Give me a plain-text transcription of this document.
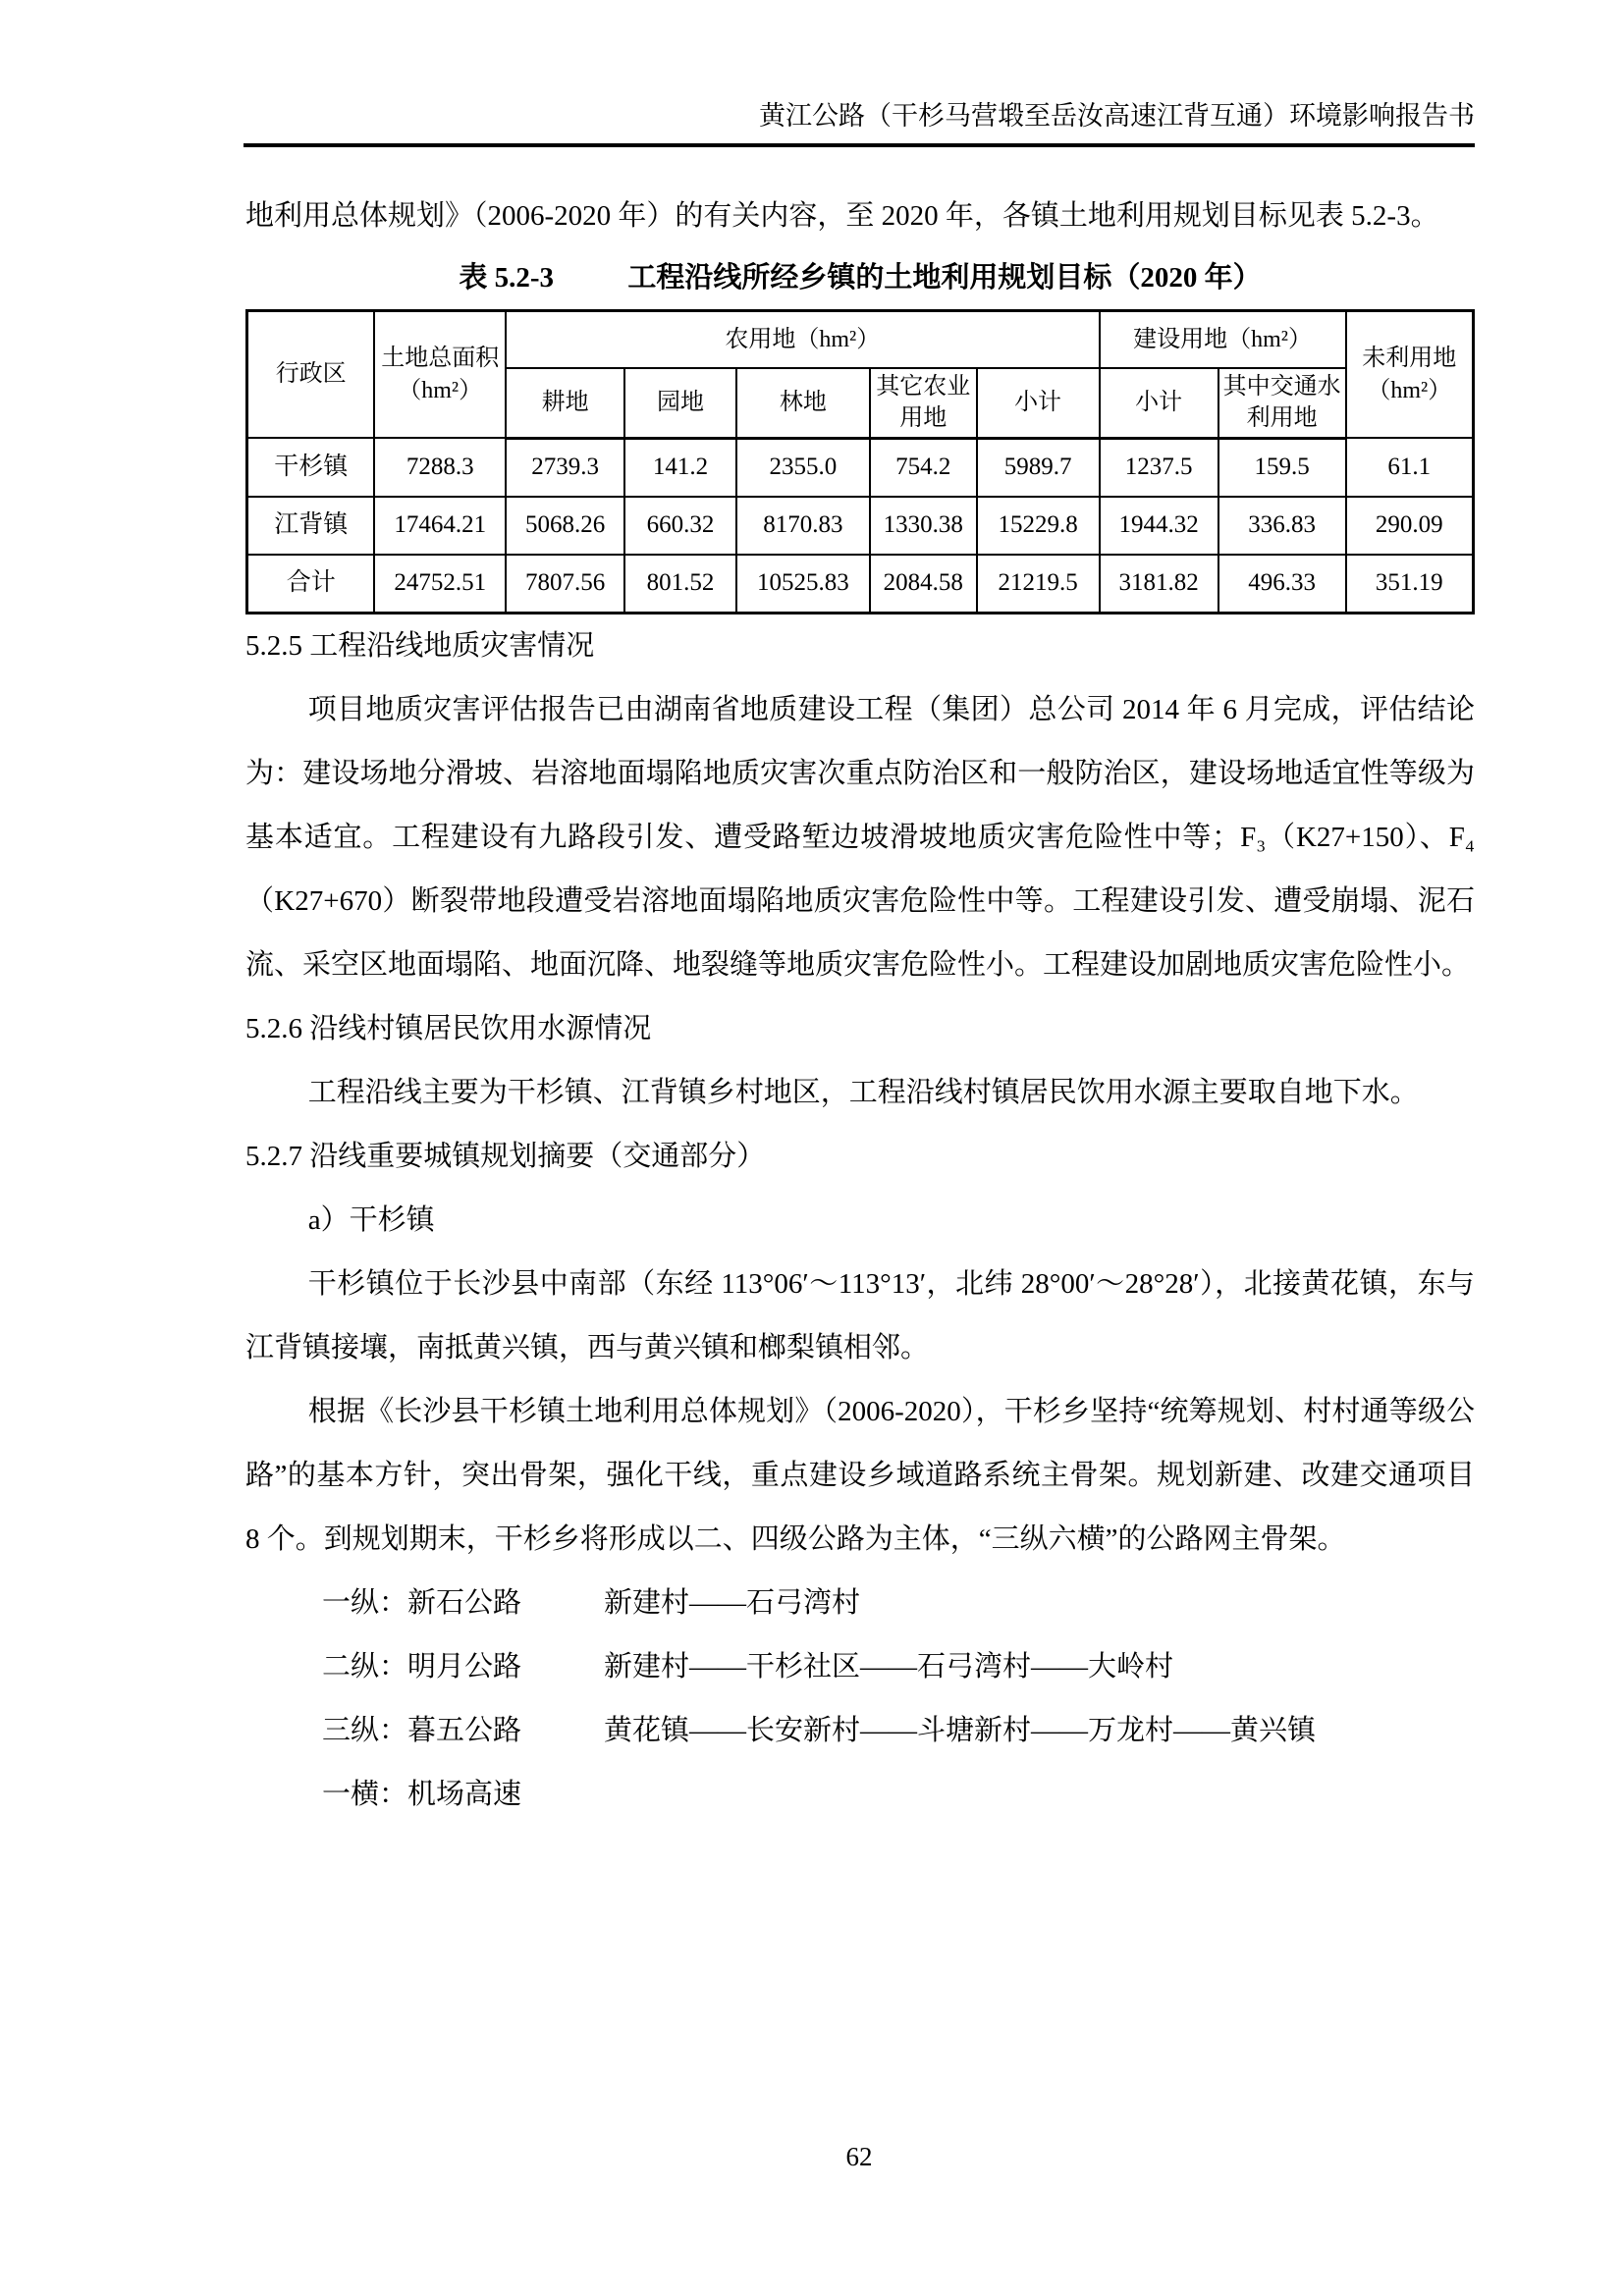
黄江公路（干杉马营塅至岳汝高速江背互通）环境影响报告书

地利用总体规划》（2006-2020 年）的有关内容，至 2020 年，各镇土地利用规划目标见表 5.2-3。

表 5.2-3	工程沿线所经乡镇的土地利用规划目标（2020 年）

行政区	土地总面积（hm²）	农用地（hm²）					建设用地（hm²）		未利用地（hm²）
		耕地	园地	林地	其它农业用地	小计	小计	其中交通水利用地	
干杉镇	7288.3	2739.3	141.2	2355.0	754.2	5989.7	1237.5	159.5	61.1
江背镇	17464.21	5068.26	660.32	8170.83	1330.38	15229.8	1944.32	336.83	290.09
合计	24752.51	7807.56	801.52	10525.83	2084.58	21219.5	3181.82	496.33	351.19

5.2.5 工程沿线地质灾害情况

项目地质灾害评估报告已由湖南省地质建设工程（集团）总公司 2014 年 6 月完成，评估结论为：建设场地分滑坡、岩溶地面塌陷地质灾害次重点防治区和一般防治区，建设场地适宜性等级为基本适宜。工程建设有九路段引发、遭受路堑边坡滑坡地质灾害危险性中等；F₃（K27+150）、F₄（K27+670）断裂带地段遭受岩溶地面塌陷地质灾害危险性中等。工程建设引发、遭受崩塌、泥石流、采空区地面塌陷、地面沉降、地裂缝等地质灾害危险性小。工程建设加剧地质灾害危险性小。

5.2.6 沿线村镇居民饮用水源情况

工程沿线主要为干杉镇、江背镇乡村地区，工程沿线村镇居民饮用水源主要取自地下水。

5.2.7 沿线重要城镇规划摘要（交通部分）

a）干杉镇

干杉镇位于长沙县中南部（东经 113°06′～113°13′，北纬 28°00′～28°28′），北接黄花镇，东与江背镇接壤，南抵黄兴镇，西与黄兴镇和榔梨镇相邻。

根据《长沙县干杉镇土地利用总体规划》（2006-2020），干杉乡坚持“统筹规划、村村通等级公路”的基本方针，突出骨架，强化干线，重点建设乡域道路系统主骨架。规划新建、改建交通项目 8 个。到规划期末，干杉乡将形成以二、四级公路为主体，“三纵六横”的公路网主骨架。

一纵：新石公路	新建村——石弓湾村
二纵：明月公路	新建村——干杉社区——石弓湾村——大岭村
三纵：暮五公路	黄花镇——长安新村——斗塘新村——万龙村——黄兴镇
一横：机场高速
62
